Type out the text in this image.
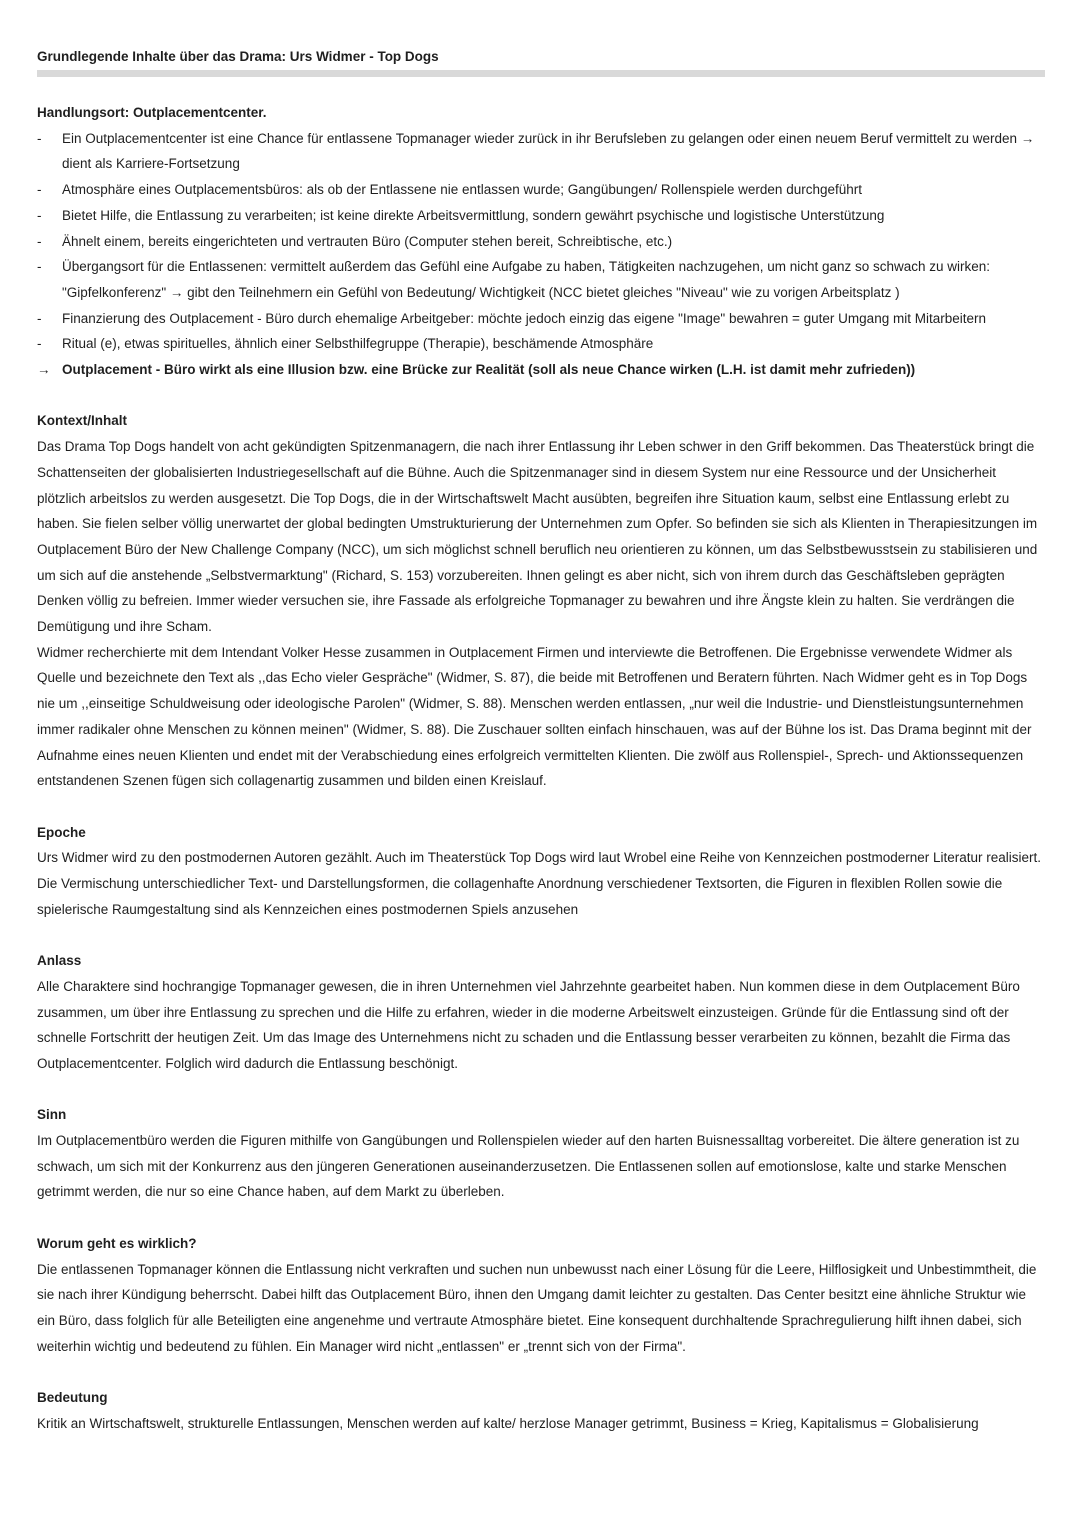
Grundlegende Inhalte über das Drama: Urs Widmer - Top Dogs
Handlungsort: Outplacementcenter.
-	Ein Outplacementcenter ist eine Chance für entlassene Topmanager wieder zurück in ihr Berufsleben zu gelangen oder einen neuem Beruf vermittelt zu werden → dient als Karriere-Fortsetzung
-	Atmosphäre eines Outplacementsbüros: als ob der Entlassene nie entlassen wurde; Gangübungen/ Rollenspiele werden durchgeführt
-	Bietet Hilfe, die Entlassung zu verarbeiten; ist keine direkte Arbeitsvermittlung, sondern gewährt psychische und logistische Unterstützung
-	Ähnelt einem, bereits eingerichteten und vertrauten Büro (Computer stehen bereit, Schreibtische, etc.)
-	Übergangsort für die Entlassenen: vermittelt außerdem das Gefühl eine Aufgabe zu haben, Tätigkeiten nachzugehen, um nicht ganz so schwach zu wirken: "Gipfelkonferenz" → gibt den Teilnehmern ein Gefühl von Bedeutung/ Wichtigkeit (NCC bietet gleiches "Niveau" wie zu vorigen Arbeitsplatz )
-	Finanzierung des Outplacement - Büro durch ehemalige Arbeitgeber: möchte jedoch einzig das eigene "Image" bewahren = guter Umgang mit Mitarbeitern
-	Ritual (e), etwas spirituelles, ähnlich einer Selbsthilfegruppe (Therapie), beschämende Atmosphäre

→ Outplacement - Büro wirkt als eine Illusion bzw. eine Brücke zur Realität (soll als neue Chance wirken (L.H. ist damit mehr zufrieden))

Kontext/Inhalt

Das Drama Top Dogs handelt von acht gekündigten Spitzenmanagern, die nach ihrer Entlassung ihr Leben schwer in den Griff bekommen. Das Theaterstück bringt die Schattenseiten der globalisierten Industriegesellschaft auf die Bühne. Auch die Spitzenmanager sind in diesem System nur eine Ressource und der Unsicherheit plötzlich arbeitslos zu werden ausgesetzt. Die Top Dogs, die in der Wirtschaftswelt Macht ausübten, begreifen ihre Situation kaum, selbst eine Entlassung erlebt zu haben. Sie fielen selber völlig unerwartet der global bedingten Umstrukturierung der Unternehmen zum Opfer. So befinden sie sich als Klienten in Therapiesitzungen im Outplacement Büro der New Challenge Company (NCC), um sich möglichst schnell beruflich neu orientieren zu können, um das Selbstbewusstsein zu stabilisieren und um sich auf die anstehende „Selbstvermarktung" (Richard, S. 153) vorzubereiten. Ihnen gelingt es aber nicht, sich von ihrem durch das Geschäftsleben geprägten Denken völlig zu befreien. Immer wieder versuchen sie, ihre Fassade als erfolgreiche Topmanager zu bewahren und ihre Ängste klein zu halten. Sie verdrängen die Demütigung und ihre Scham.

Widmer recherchierte mit dem Intendant Volker Hesse zusammen in Outplacement Firmen und interviewte die Betroffenen. Die Ergebnisse verwendete Widmer als Quelle und bezeichnete den Text als ,,das Echo vieler Gespräche" (Widmer, S. 87), die beide mit Betroffenen und Beratern führten. Nach Widmer geht es in Top Dogs nie um ,,einseitige Schuldweisung oder ideologische Parolen" (Widmer, S. 88). Menschen werden entlassen, „nur weil die Industrie- und Dienstleistungsunternehmen immer radikaler ohne Menschen zu können meinen" (Widmer, S. 88). Die Zuschauer sollten einfach hinschauen, was auf der Bühne los ist. Das Drama beginnt mit der Aufnahme eines neuen Klienten und endet mit der Verabschiedung eines erfolgreich vermittelten Klienten. Die zwölf aus Rollenspiel-, Sprech- und Aktionssequenzen entstandenen Szenen fügen sich collagenartig zusammen und bilden einen Kreislauf.

Epoche

Urs Widmer wird zu den postmodernen Autoren gezählt. Auch im Theaterstück Top Dogs wird laut Wrobel eine Reihe von Kennzeichen postmoderner Literatur realisiert. Die Vermischung unterschiedlicher Text- und Darstellungsformen, die collagenhafte Anordnung verschiedener Textsorten, die Figuren in flexiblen Rollen sowie die spielerische Raumgestaltung sind als Kennzeichen eines postmodernen Spiels anzusehen

Anlass

Alle Charaktere sind hochrangige Topmanager gewesen, die in ihren Unternehmen viel Jahrzehnte gearbeitet haben. Nun kommen diese in dem Outplacement Büro zusammen, um über ihre Entlassung zu sprechen und die Hilfe zu erfahren, wieder in die moderne Arbeitswelt einzusteigen. Gründe für die Entlassung sind oft der schnelle Fortschritt der heutigen Zeit. Um das Image des Unternehmens nicht zu schaden und die Entlassung besser verarbeiten zu können, bezahlt die Firma das Outplacementcenter. Folglich wird dadurch die Entlassung beschönigt.

Sinn

Im Outplacementbüro werden die Figuren mithilfe von Gangübungen und Rollenspielen wieder auf den harten Buisnessalltag vorbereitet. Die ältere generation ist zu schwach, um sich mit der Konkurrenz aus den jüngeren Generationen auseinanderzusetzen. Die Entlassenen sollen auf emotionslose, kalte und starke Menschen getrimmt werden, die nur so eine Chance haben, auf dem Markt zu überleben.

Worum geht es wirklich?

Die entlassenen Topmanager können die Entlassung nicht verkraften und suchen nun unbewusst nach einer Lösung für die Leere, Hilflosigkeit und Unbestimmtheit, die sie nach ihrer Kündigung beherrscht. Dabei hilft das Outplacement Büro, ihnen den Umgang damit leichter zu gestalten. Das Center besitzt eine ähnliche Struktur wie ein Büro, dass folglich für alle Beteiligten eine angenehme und vertraute Atmosphäre bietet. Eine konsequent durchhaltende Sprachregulierung hilft ihnen dabei, sich weiterhin wichtig und bedeutend zu fühlen. Ein Manager wird nicht „entlassen" er „trennt sich von der Firma".

Bedeutung

Kritik an Wirtschaftswelt, strukturelle Entlassungen, Menschen werden auf kalte/ herzlose Manager getrimmt, Business = Krieg, Kapitalismus = Globalisierung
